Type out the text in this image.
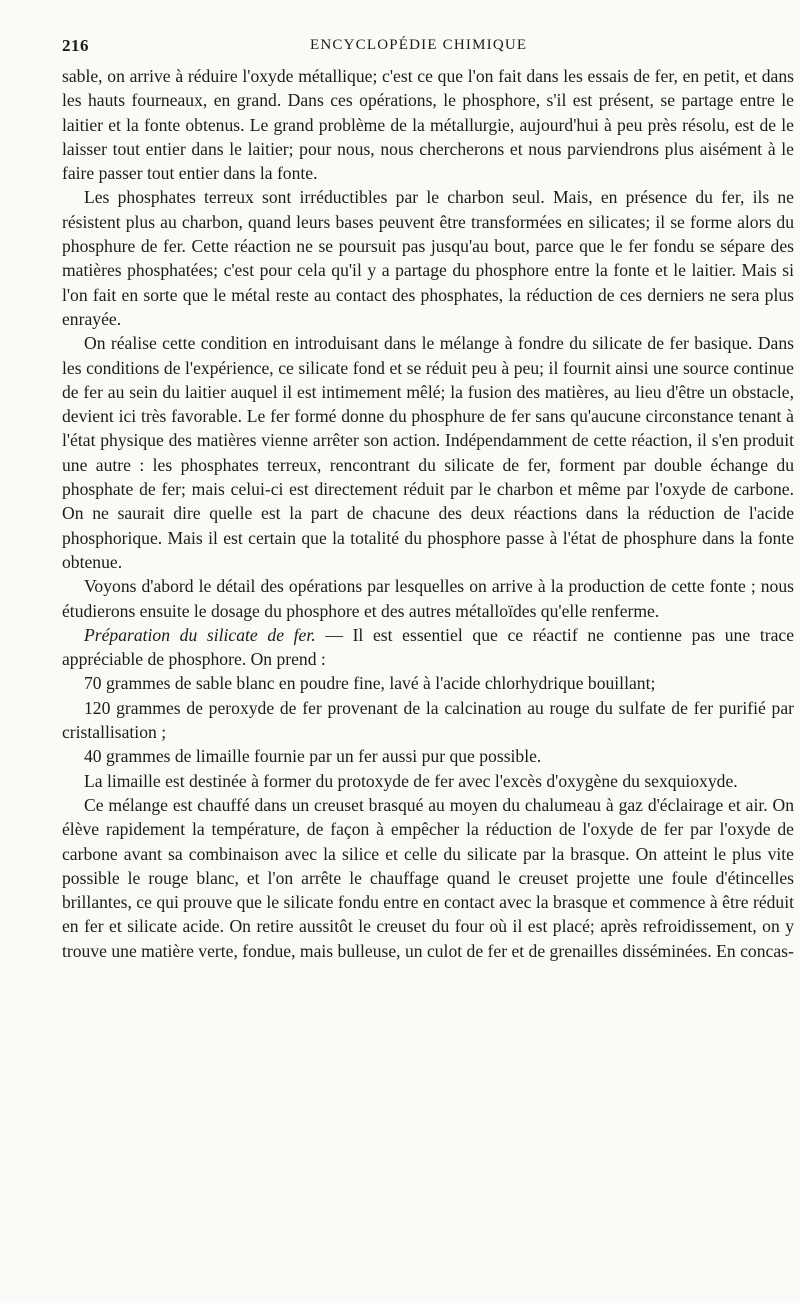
216	ENCYCLOPÉDIE CHIMIQUE

sable, on arrive à réduire l'oxyde métallique; c'est ce que l'on fait dans les essais de fer, en petit, et dans les hauts fourneaux, en grand. Dans ces opérations, le phosphore, s'il est présent, se partage entre le laitier et la fonte obtenus. Le grand problème de la métallurgie, aujourd'hui à peu près résolu, est de le laisser tout entier dans le laitier; pour nous, nous chercherons et nous parviendrons plus aisément à le faire passer tout entier dans la fonte.

Les phosphates terreux sont irréductibles par le charbon seul. Mais, en présence du fer, ils ne résistent plus au charbon, quand leurs bases peuvent être transformées en silicates; il se forme alors du phosphure de fer. Cette réaction ne se poursuit pas jusqu'au bout, parce que le fer fondu se sépare des matières phosphatées; c'est pour cela qu'il y a partage du phosphore entre la fonte et le laitier. Mais si l'on fait en sorte que le métal reste au contact des phosphates, la réduction de ces derniers ne sera plus enrayée.

On réalise cette condition en introduisant dans le mélange à fondre du silicate de fer basique. Dans les conditions de l'expérience, ce silicate fond et se réduit peu à peu; il fournit ainsi une source continue de fer au sein du laitier auquel il est intimement mêlé; la fusion des matières, au lieu d'être un obstacle, devient ici très favorable. Le fer formé donne du phosphure de fer sans qu'aucune circonstance tenant à l'état physique des matières vienne arrêter son action. Indépendamment de cette réaction, il s'en produit une autre : les phosphates terreux, rencontrant du silicate de fer, forment par double échange du phosphate de fer; mais celui-ci est directement réduit par le charbon et même par l'oxyde de carbone. On ne saurait dire quelle est la part de chacune des deux réactions dans la réduction de l'acide phosphorique. Mais il est certain que la totalité du phosphore passe à l'état de phosphure dans la fonte obtenue.

Voyons d'abord le détail des opérations par lesquelles on arrive à la production de cette fonte ; nous étudierons ensuite le dosage du phosphore et des autres métalloïdes qu'elle renferme.

Préparation du silicate de fer. — Il est essentiel que ce réactif ne contienne pas une trace appréciable de phosphore. On prend :

70 grammes de sable blanc en poudre fine, lavé à l'acide chlorhydrique bouillant;

120 grammes de peroxyde de fer provenant de la calcination au rouge du sulfate de fer purifié par cristallisation ;

40 grammes de limaille fournie par un fer aussi pur que possible.

La limaille est destinée à former du protoxyde de fer avec l'excès d'oxygène du sexquioxyde.

Ce mélange est chauffé dans un creuset brasqué au moyen du chalumeau à gaz d'éclairage et air. On élève rapidement la température, de façon à empêcher la réduction de l'oxyde de fer par l'oxyde de carbone avant sa combinaison avec la silice et celle du silicate par la brasque. On atteint le plus vite possible le rouge blanc, et l'on arrête le chauffage quand le creuset projette une foule d'étincelles brillantes, ce qui prouve que le silicate fondu entre en contact avec la brasque et commence à être réduit en fer et silicate acide. On retire aussitôt le creuset du four où il est placé; après refroidissement, on y trouve une matière verte, fondue, mais bulleuse, un culot de fer et de grenailles disséminées. En concas-
